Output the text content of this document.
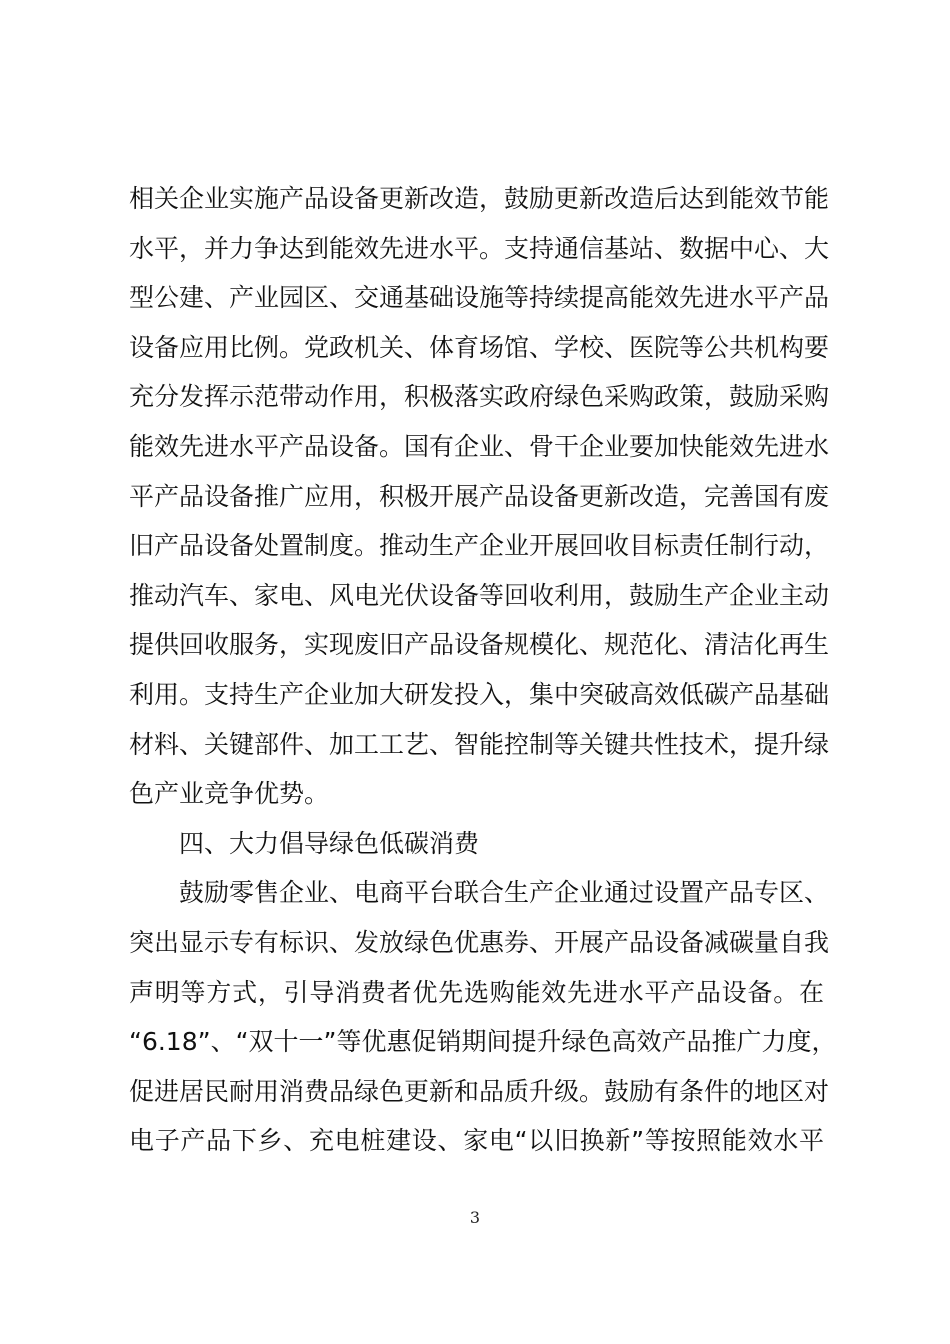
相关企业实施产品设备更新改造，鼓励更新改造后达到能效节能
水平，并力争达到能效先进水平。支持通信基站、数据中心、大
型公建、产业园区、交通基础设施等持续提高能效先进水平产品
设备应用比例。党政机关、体育场馆、学校、医院等公共机构要
充分发挥示范带动作用，积极落实政府绿色采购政策，鼓励采购
能效先进水平产品设备。国有企业、骨干企业要加快能效先进水
平产品设备推广应用，积极开展产品设备更新改造，完善国有废
旧产品设备处置制度。推动生产企业开展回收目标责任制行动，
推动汽车、家电、风电光伏设备等回收利用，鼓励生产企业主动
提供回收服务，实现废旧产品设备规模化、规范化、清洁化再生
利用。支持生产企业加大研发投入，集中突破高效低碳产品基础
材料、关键部件、加工工艺、智能控制等关键共性技术，提升绿
色产业竞争优势。
四、大力倡导绿色低碳消费
鼓励零售企业、电商平台联合生产企业通过设置产品专区、
突出显示专有标识、发放绿色优惠券、开展产品设备减碳量自我
声明等方式，引导消费者优先选购能效先进水平产品设备。在
“6.18”、“双十一”等优惠促销期间提升绿色高效产品推广力度，
促进居民耐用消费品绿色更新和品质升级。鼓励有条件的地区对
电子产品下乡、充电桩建设、家电“以旧换新”等按照能效水平
3
